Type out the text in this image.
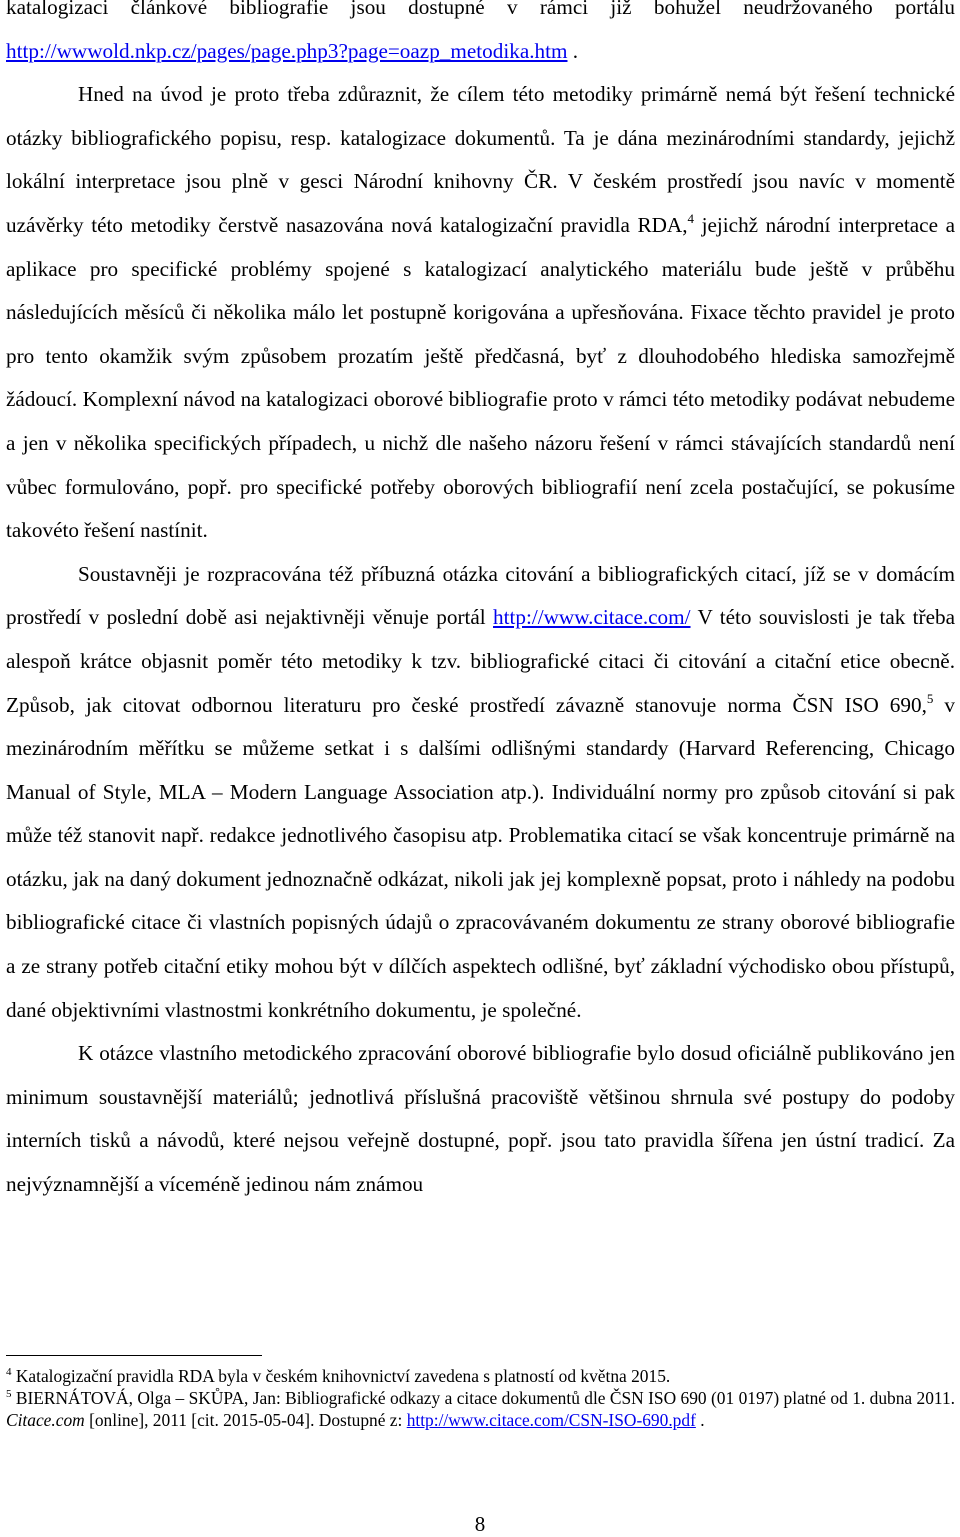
katalogizaci článkové bibliografie jsou dostupné v rámci již bohužel neudržovaného portálu http://wwwold.nkp.cz/pages/page.php3?page=oazp_metodika.htm .

Hned na úvod je proto třeba zdůraznit, že cílem této metodiky primárně nemá být řešení technické otázky bibliografického popisu, resp. katalogizace dokumentů. Ta je dána mezinárodními standardy, jejichž lokální interpretace jsou plně v gesci Národní knihovny ČR. V českém prostředí jsou navíc v momentě uzávěrky této metodiky čerstvě nasazována nová katalogizační pravidla RDA,$^4$ jejichž národní interpretace a aplikace pro specifické problémy spojené s katalogizací analytického materiálu bude ještě v průběhu následujících měsíců či několika málo let postupně korigována a upřesňována. Fixace těchto pravidel je proto pro tento okamžik svým způsobem prozatím ještě předčasná, byť z dlouhodobého hlediska samozřejmě žádoucí. Komplexní návod na katalogizaci oborové bibliografie proto v rámci této metodiky podávat nebudeme a jen v několika specifických případech, u nichž dle našeho názoru řešení v rámci stávajících standardů není vůbec formulováno, popř. pro specifické potřeby oborových bibliografií není zcela postačující, se pokusíme takovéto řešení nastínit.

Soustavněji je rozpracována též příbuzná otázka citování a bibliografických citací, jíž se v domácím prostředí v poslední době asi nejaktivněji věnuje portál http://www.citace.com/ V této souvislosti je tak třeba alespoň krátce objasnit poměr této metodiky k tzv. bibliografické citaci či citování a citační etice obecně. Způsob, jak citovat odbornou literaturu pro české prostředí závazně stanovuje norma ČSN ISO 690,$^5$ v mezinárodním měřítku se můžeme setkat i s dalšími odlišnými standardy (Harvard Referencing, Chicago Manual of Style, MLA – Modern Language Association atp.). Individuální normy pro způsob citování si pak může též stanovit např. redakce jednotlivého časopisu atp. Problematika citací se však koncentruje primárně na otázku, jak na daný dokument jednoznačně odkázat, nikoli jak jej komplexně popsat, proto i náhledy na podobu bibliografické citace či vlastních popisných údajů o zpracovávaném dokumentu ze strany oborové bibliografie a ze strany potřeb citační etiky mohou být v dílčích aspektech odlišné, byť základní východisko obou přístupů, dané objektivními vlastnostmi konkrétního dokumentu, je společné.

K otázce vlastního metodického zpracování oborové bibliografie bylo dosud oficiálně publikováno jen minimum soustavnější materiálů; jednotlivá příslušná pracoviště většinou shrnula své postupy do podoby interních tisků a návodů, které nejsou veřejně dostupné, popř. jsou tato pravidla šířena jen ústní tradicí. Za nejvýznamnější a víceméně jedinou nám známou

$^4$ Katalogizační pravidla RDA byla v českém knihovnictví zavedena s platností od května 2015.

$^5$ BIERNÁTOVÁ, Olga – SKŮPA, Jan: Bibliografické odkazy a citace dokumentů dle ČSN ISO 690 (01 0197) platné od 1. dubna 2011. Citace.com [online], 2011 [cit. 2015-05-04]. Dostupné z: http://www.citace.com/CSN-ISO-690.pdf .

8
